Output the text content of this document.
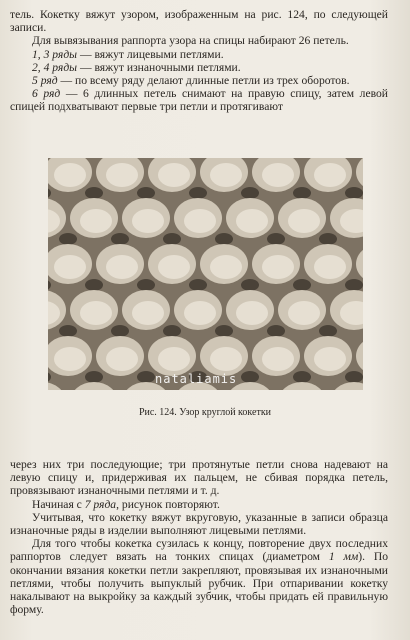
тель. Кокетку вяжут узором, изображенным на рис. 124, по следующей записи.

Для вывязывания раппорта узора на спицы набирают 26 петель.

1, 3 ряды — вяжут лицевыми петлями.

2, 4 ряды — вяжут изнаночными петлями.

5 ряд — по всему ряду делают длинные петли из трех оборотов.

6 ряд — 6 длинных петель снимают на правую спицу, затем левой спицей подхватывают первые три петли и протягивают

nataliamis
Рис. 124. Узор круглой кокетки

через них три последующие; три протянутые петли снова надевают на левую спицу и, придерживая их пальцем, не сбивая порядка петель, провязывают изнаночными петлями и т. д.

Начиная с 7 ряда, рисунок повторяют.

Учитывая, что кокетку вяжут вкруговую, указанные в записи образца изнаночные ряды в изделии выполняют лицевыми петлями.

Для того чтобы кокетка сузилась к концу, повторение двух последних раппортов следует вязать на тонких спицах (диаметром 1 мм). По окончании вязания кокетки петли закрепляют, провязывая их изнаночными петлями, чтобы получить выпуклый рубчик. При отпаривании кокетку накалывают на выкройку за каждый зубчик, чтобы придать ей правильную форму.
